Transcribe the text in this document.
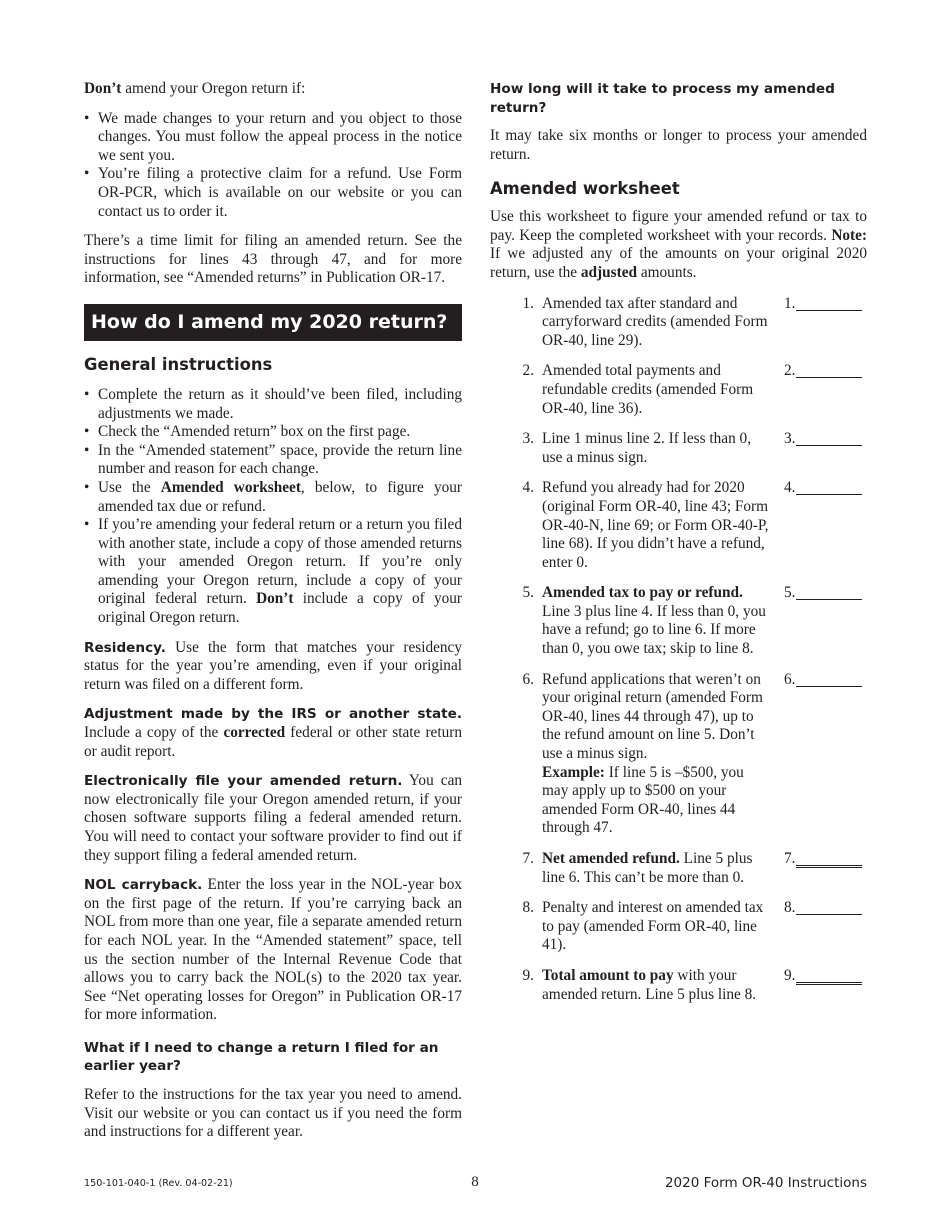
Don’t amend your Oregon return if:

• We made changes to your return and you object to those changes. You must follow the appeal process in the notice we sent you.
• You’re filing a protective claim for a refund. Use Form OR-PCR, which is available on our website or you can contact us to order it.

There’s a time limit for filing an amended return. See the instructions for lines 43 through 47, and for more information, see “Amended returns” in Publication OR-17.

How do I amend my 2020 return?
General instructions
• Complete the return as it should’ve been filed, including adjustments we made.
• Check the “Amended return” box on the first page.
• In the “Amended statement” space, provide the return line number and reason for each change.
• Use the Amended worksheet, below, to figure your amended tax due or refund.
• If you’re amending your federal return or a return you filed with another state, include a copy of those amended returns with your amended Oregon return. If you’re only amending your Oregon return, include a copy of your original federal return. Don’t include a copy of your original Oregon return.

Residency. Use the form that matches your residency status for the year you’re amending, even if your original return was filed on a different form.

Adjustment made by the IRS or another state. Include a copy of the corrected federal or other state return or audit report.

Electronically file your amended return. You can now electronically file your Oregon amended return, if your chosen software supports filing a federal amended return. You will need to contact your software provider to find out if they support filing a federal amended return.

NOL carryback. Enter the loss year in the NOL-year box on the first page of the return. If you’re carrying back an NOL from more than one year, file a separate amended return for each NOL year. In the “Amended statement” space, tell us the section number of the Internal Revenue Code that allows you to carry back the NOL(s) to the 2020 tax year. See “Net operating losses for Oregon” in Publication OR-17 for more information.

What if I need to change a return I filed for an earlier year?

Refer to the instructions for the tax year you need to amend. Visit our website or you can contact us if you need the form and instructions for a different year.

How long will it take to process my amended return?

It may take six months or longer to process your amended return.

Amended worksheet

Use this worksheet to figure your amended refund or tax to pay. Keep the completed worksheet with your records. Note: If we adjusted any of the amounts on your original 2020 return, use the adjusted amounts.

1. Amended tax after standard and carryforward credits (amended Form OR-40, line 29).
1.
2. Amended total payments and refundable credits (amended Form OR-40, line 36).
2.
3. Line 1 minus line 2. If less than 0, use a minus sign.
3.
4. Refund you already had for 2020 (original Form OR-40, line 43; Form OR-40-N, line 69; or Form OR-40-P, line 68). If you didn’t have a refund, enter 0.
4.
5. Amended tax to pay or refund. Line 3 plus line 4. If less than 0, you have a refund; go to line 6. If more than 0, you owe tax; skip to line 8.
5.
6. Refund applications that weren’t on your original return (amended Form OR-40, lines 44 through 47), up to the refund amount on line 5. Don’t use a minus sign.
Example: If line 5 is –$500, you may apply up to $500 on your amended Form OR-40, lines 44 through 47.
6.
7. Net amended refund. Line 5 plus line 6. This can’t be more than 0.
7.
8. Penalty and interest on amended tax to pay (amended Form OR-40, line 41).
8.
9. Total amount to pay with your amended return. Line 5 plus line 8.
9.
150-101-040-1 (Rev. 04-02-21)	8	2020 Form OR-40 Instructions
